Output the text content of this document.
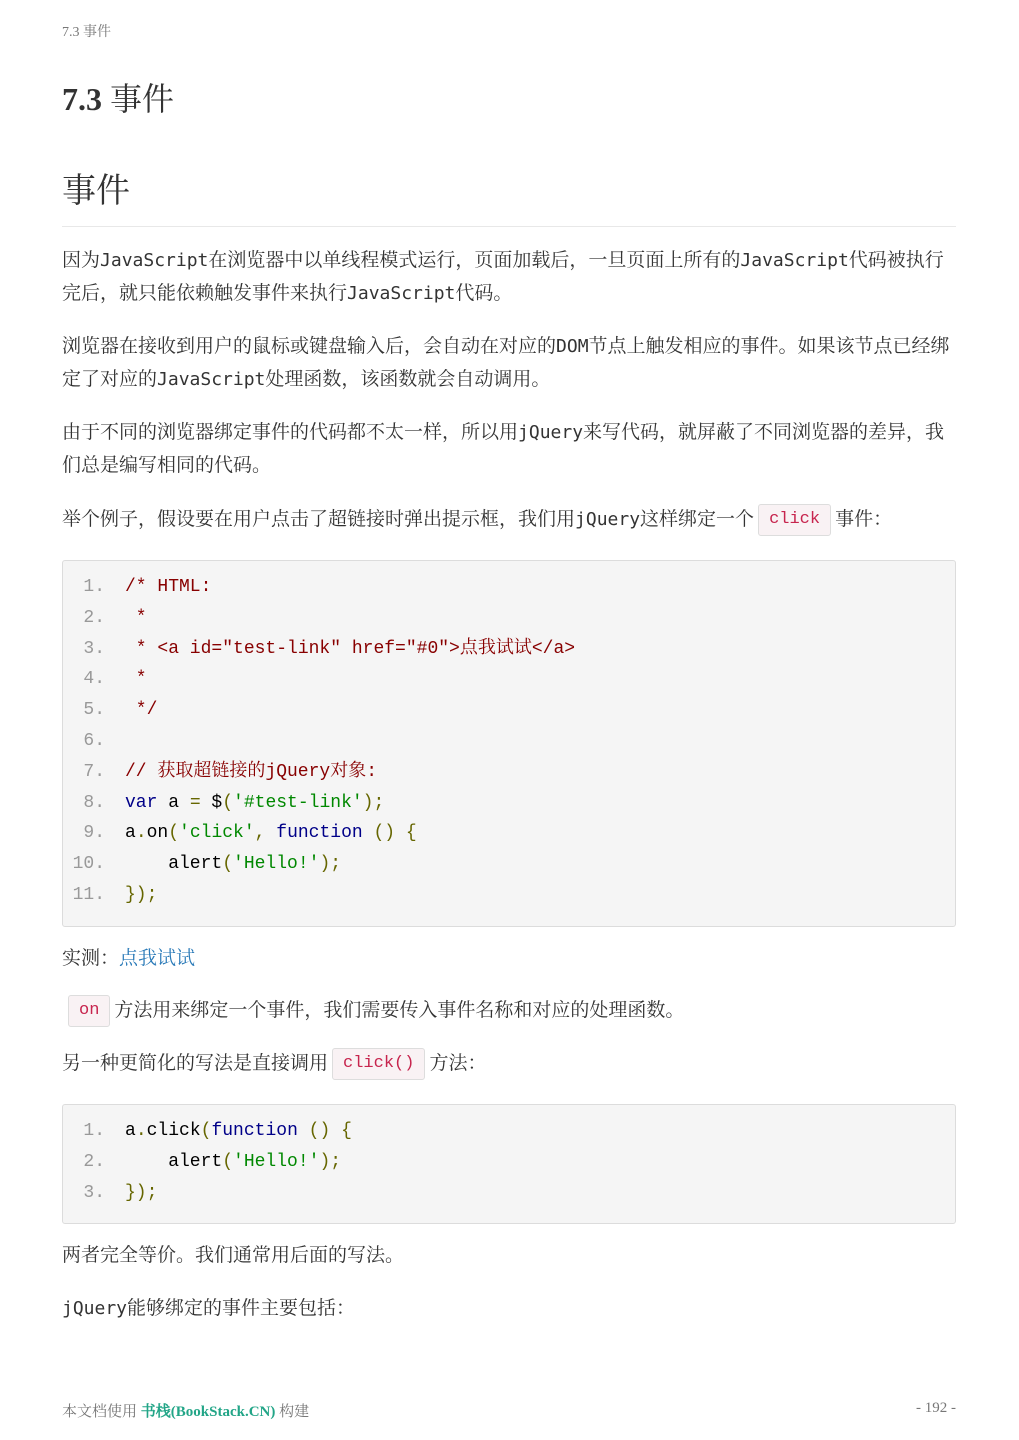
7.3 事件
7.3 事件
事件

因为JavaScript在浏览器中以单线程模式运行，页面加载后，一旦页面上所有的JavaScript代码被执行完后，就只能依赖触发事件来执行JavaScript代码。

浏览器在接收到用户的鼠标或键盘输入后，会自动在对应的DOM节点上触发相应的事件。如果该节点已经绑定了对应的JavaScript处理函数，该函数就会自动调用。

由于不同的浏览器绑定事件的代码都不太一样，所以用jQuery来写代码，就屏蔽了不同浏览器的差异，我们总是编写相同的代码。

举个例子，假设要在用户点击了超链接时弹出提示框，我们用jQuery这样绑定一个 click 事件：

1. /* HTML:
2. *
3. * <a id="test-link" href="#0">点我试试</a>
4. *
5. */
6.
7. // 获取超链接的jQuery对象:
8. var a = $('#test-link');
9. a.on('click', function () {
10. alert('Hello!');
11. });

实测：点我试试

on 方法用来绑定一个事件，我们需要传入事件名称和对应的处理函数。

另一种更简化的写法是直接调用 click() 方法：

1. a.click(function () {
2. alert('Hello!');
3. });

两者完全等价。我们通常用后面的写法。

jQuery能够绑定的事件主要包括：

本文档使用 书栈(BookStack.CN) 构建	- 192 -
